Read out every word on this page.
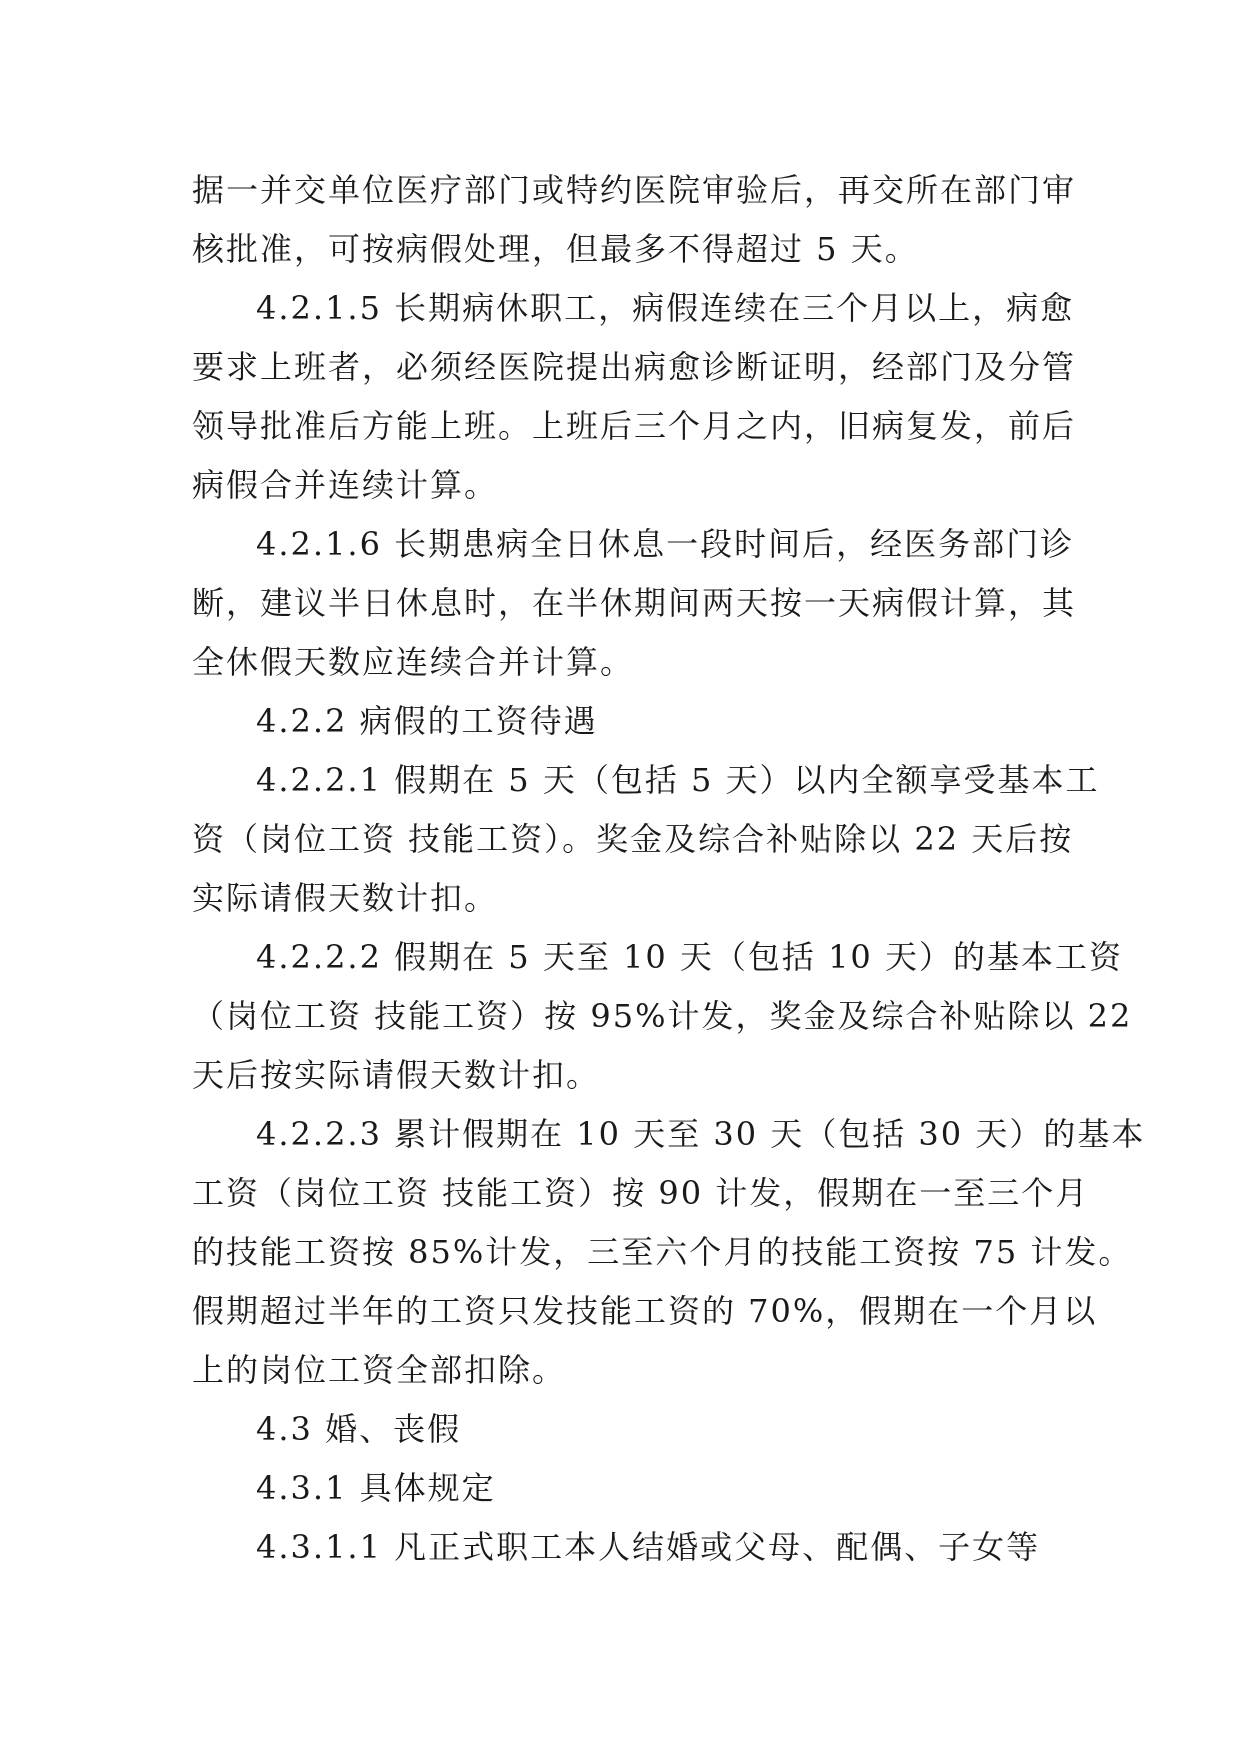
据一并交单位医疗部门或特约医院审验后，再交所在部门审
核批准，可按病假处理，但最多不得超过 5 天。
4.2.1.5 长期病休职工，病假连续在三个月以上，病愈
要求上班者，必须经医院提出病愈诊断证明，经部门及分管
领导批准后方能上班。上班后三个月之内，旧病复发，前后
病假合并连续计算。
4.2.1.6 长期患病全日休息一段时间后，经医务部门诊
断，建议半日休息时，在半休期间两天按一天病假计算，其
全休假天数应连续合并计算。
4.2.2 病假的工资待遇
4.2.2.1 假期在 5 天（包括 5 天）以内全额享受基本工
资（岗位工资 技能工资）。奖金及综合补贴除以 22 天后按
实际请假天数计扣。
4.2.2.2 假期在 5 天至 10 天（包括 10 天）的基本工资
（岗位工资 技能工资）按 95%计发，奖金及综合补贴除以 22
天后按实际请假天数计扣。
4.2.2.3 累计假期在 10 天至 30 天（包括 30 天）的基本
工资（岗位工资 技能工资）按 90 计发，假期在一至三个月
的技能工资按 85%计发，三至六个月的技能工资按 75 计发。
假期超过半年的工资只发技能工资的 70%，假期在一个月以
上的岗位工资全部扣除。
4.3 婚、丧假
4.3.1 具体规定
4.3.1.1 凡正式职工本人结婚或父母、配偶、子女等
